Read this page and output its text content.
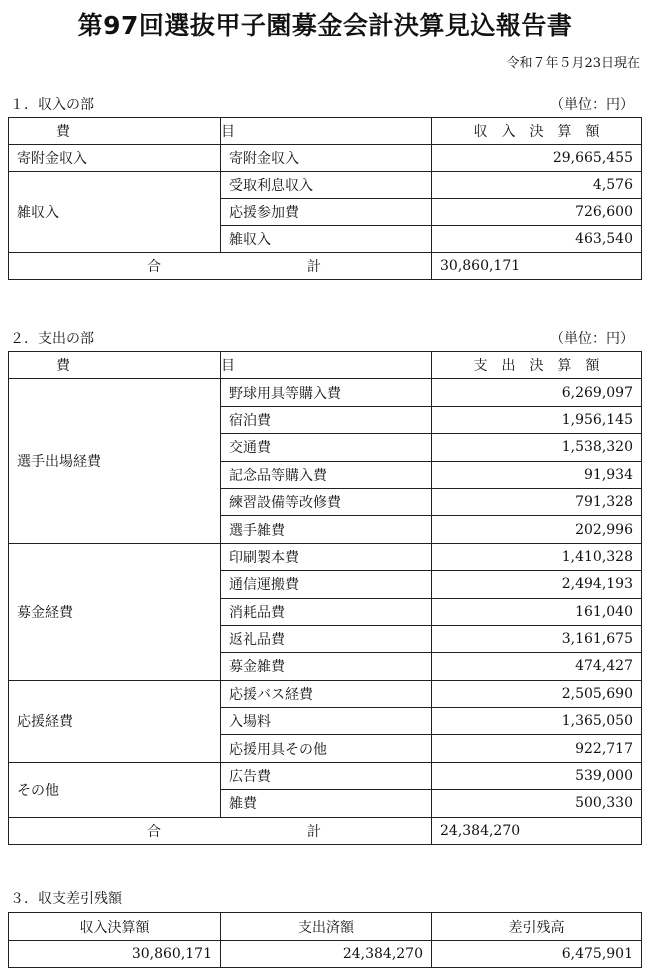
第97回選抜甲子園募金会計決算見込報告書
令和７年５月23日現在
１．収入の部	（単位：円）
費	目	収　入　決　算　額
寄附金収入	寄附金収入	29,665,455
雑収入	受取利息収入	4,576
	応援参加費	726,600
	雑収入	463,540
合 計		30,860,171
２．支出の部	（単位：円）
費	目	支　出　決　算　額
選手出場経費	野球用具等購入費	6,269,097
	宿泊費	1,956,145
	交通費	1,538,320
	記念品等購入費	91,934
	練習設備等改修費	791,328
	選手雑費	202,996
募金経費	印刷製本費	1,410,328
	通信運搬費	2,494,193
	消耗品費	161,040
	返礼品費	3,161,675
	募金雑費	474,427
応援経費	応援バス経費	2,505,690
	入場料	1,365,050
	応援用具その他	922,717
その他	広告費	539,000
	雑費	500,330
合 計		24,384,270
３．収支差引残額
収入決算額	支出済額	差引残高
30,860,171	24,384,270	6,475,901
